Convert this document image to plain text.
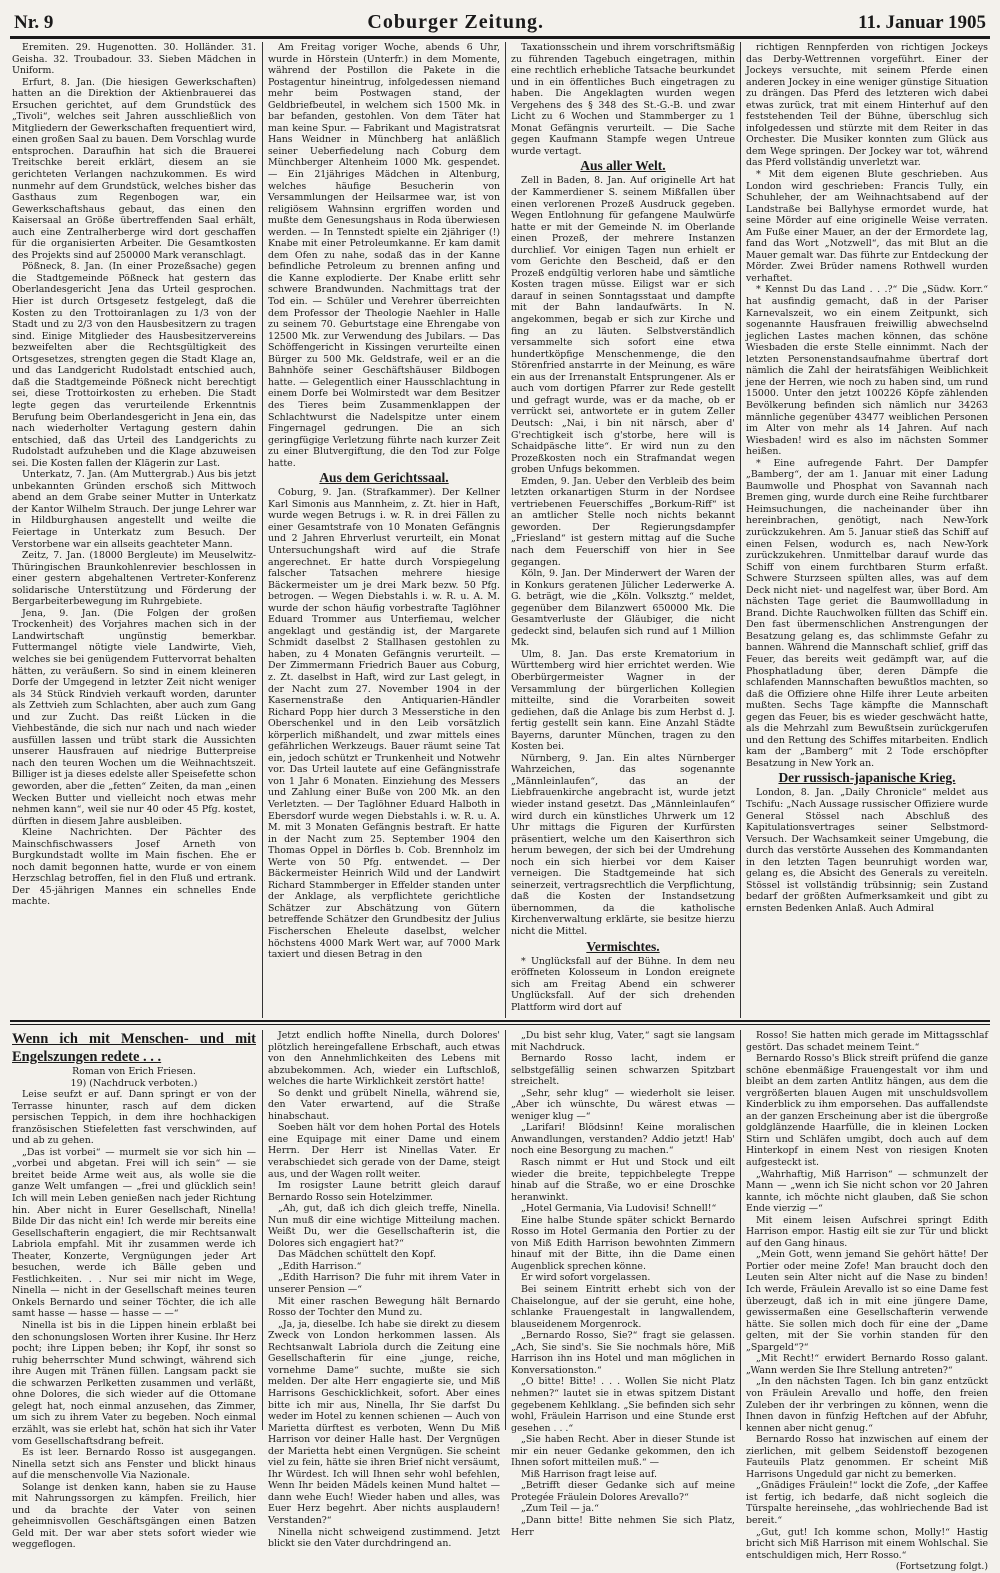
Nr. 9	Coburger Zeitung.	11. Januar 1905

Eremiten. 29. Hugenotten. 30. Holländer. 31. Geisha. 32. Troubadour. 33. Sieben Mädchen in Uniform.

Erfurt, 8. Jan. (Die hiesigen Gewerkschaften) hatten an die Direktion der Aktienbrauerei das Ersuchen gerichtet, auf dem Grundstück des „Tivoli“, welches seit Jahren ausschließlich von Mitgliedern der Gewerkschaften frequentiert wird, einen großen Saal zu bauen. Dem Vorschlag wurde entsprochen. Daraufhin hat sich die Brauerei Treitschke bereit erklärt, diesem an sie gerichteten Verlangen nachzukommen. Es wird nunmehr auf dem Grundstück, welches bisher das Gasthaus zum Regenbogen war, ein Gewerkschaftshaus gebaut, das einen den Kaisersaal an Größe übertreffenden Saal erhält, auch eine Zentralherberge wird dort geschaffen für die organisierten Arbeiter. Die Gesamtkosten des Projekts sind auf 250000 Mark veranschlagt.

Pößneck, 8. Jan. (In einer Prozeßsache) gegen die Stadtgemeinde Pößneck hat gestern das Oberlandesgericht Jena das Urteil gesprochen. Hier ist durch Ortsgesetz festgelegt, daß die Kosten zu den Trottoiranlagen zu 1/3 von der Stadt und zu 2/3 von den Hausbesitzern zu tragen sind. Einige Mitglieder des Hausbesitzervereins bezweifelten aber die Rechtsgültigkeit des Ortsgesetzes, strengten gegen die Stadt Klage an, und das Landgericht Rudolstadt entschied auch, daß die Stadtgemeinde Pößneck nicht berechtigt sei, diese Trottoirkosten zu erheben. Die Stadt legte gegen das verurteilende Erkenntnis Berufung beim Oberlandesgericht in Jena ein, das nach wiederholter Vertagung gestern dahin entschied, daß das Urteil des Landgerichts zu Rudolstadt aufzuheben und die Klage abzuweisen sei. Die Kosten fallen der Klägerin zur Last.

Unterkatz, 7. Jan. (Am Muttergrab.) Aus bis jetzt unbekannten Gründen erschoß sich Mittwoch abend an dem Grabe seiner Mutter in Unterkatz der Kantor Wilhelm Strauch. Der junge Lehrer war in Hildburghausen angestellt und weilte die Feiertage in Unterkatz zum Besuch. Der Verstorbene war ein allseits geachteter Mann.

Zeitz, 7. Jan. (18000 Bergleute) im Meuselwitz-Thüringischen Braunkohlenrevier beschlossen in einer gestern abgehaltenen Vertreter-Konferenz solidarische Unterstützung und Förderung der Bergarbeiterbewegung im Ruhrgebiete.

Jena, 9. Jan. (Die Folgen der großen Trockenheit) des Vorjahres machen sich in der Landwirtschaft ungünstig bemerkbar. Futtermangel nötigte viele Landwirte, Vieh, welches sie bei genügendem Futtervorrat behalten hätten, zu veräußern. So sind in einem kleineren Dorfe der Umgegend in letzter Zeit nicht weniger als 34 Stück Rindvieh verkauft worden, darunter als Zettvieh zum Schlachten, aber auch zum Gang und zur Zucht. Das reißt Lücken in die Viehbestände, die sich nur nach und nach wieder ausfüllen lassen und trübt stark die Aussichten unserer Hausfrauen auf niedrige Butterpreise nach den teuren Wochen um die Weihnachtszeit. Billiger ist ja dieses edelste aller Speisefette schon geworden, aber die „fetten“ Zeiten, da man „einen Wecken Butter und vielleicht noch etwas mehr nehmen kann“, weil sie nur 40 oder 45 Pfg. kostet, dürften in diesem Jahre ausbleiben.

Kleine Nachrichten. Der Pächter des Mainschfischwassers Josef Arneth von Burgkundstadt wollte im Main fischen. Ehe er noch damit begonnen hatte, wurde er von einem Herzschlag betroffen, fiel in den Fluß und ertrank. Der 45-jährigen Mannes ein schnelles Ende machte.

Am Freitag voriger Woche, abends 6 Uhr, wurde in Hörstein (Unterfr.) in dem Momente, während der Postillon die Pakete in die Postagentur hineintrug, infolgedessen niemand mehr beim Postwagen stand, der Geldbriefbeutel, in welchem sich 1500 Mk. in bar befanden, gestohlen. Von dem Täter hat man keine Spur. — Fabrikant und Magistratsrat Hans Weidner in Münchberg hat anläßlich seiner Ueberfiedelung nach Coburg dem Münchberger Altenheim 1000 Mk. gespendet. — Ein 21jähriges Mädchen in Altenburg, welches häufige Besucherin von Versammlungen der Heilsarmee war, ist von religiösem Wahnsinn ergriffen worden und mußte dem Genesungshaus in Roda überwiesen werden. — In Tennstedt spielte ein 2jähriger (!) Knabe mit einer Petroleumkanne. Er kam damit dem Ofen zu nahe, sodaß das in der Kanne befindliche Petroleum zu brennen anfing und die Kanne explodierte. Der Knabe erlitt sehr schwere Brandwunden. Nachmittags trat der Tod ein. — Schüler und Verehrer überreichten dem Professor der Theologie Naehler in Halle zu seinem 70. Geburtstage eine Ehrengabe von 12500 Mk. zur Verwendung des Jubilars. — Das Schöffengericht in Kissingen verurteilte einen Bürger zu 500 Mk. Geldstrafe, weil er an die Bahnhöfe seiner Geschäftshäuser Bildbogen hatte. — Gelegentlich einer Hausschlachtung in einem Dorfe bei Wolmirstedt war dem Besitzer des Tieres beim Zusammenklappen der Schlachtwurst die Nadelspitze unter einem Fingernagel gedrungen. Die an sich geringfügige Verletzung führte nach kurzer Zeit zu einer Blutvergiftung, die den Tod zur Folge hatte.

Aus dem Gerichtssaal.

Coburg, 9. Jan. (Strafkammer). Der Kellner Karl Simonis aus Mannheim, z. Zt. hier in Haft, wurde wegen Betrugs i. w. R. in drei Fällen zu einer Gesamtstrafe von 10 Monaten Gefängnis und 2 Jahren Ehrverlust verurteilt, ein Monat Untersuchungshaft wird auf die Strafe angerechnet. Er hatte durch Vorspiegelung falscher Tatsachen mehrere hiesige Bäckermeister um je drei Mark bezw. 50 Pfg. betrogen. — Wegen Diebstahls i. w. R. u. A. M. wurde der schon häufig vorbestrafte Taglöhner Eduard Trommer aus Unterfiemau, welcher angeklagt und geständig ist, der Margarete Schmidt daselbst 2 Stallhasen gestohlen zu haben, zu 4 Monaten Gefängnis verurteilt. — Der Zimmermann Friedrich Bauer aus Coburg, z. Zt. daselbst in Haft, wird zur Last gelegt, in der Nacht zum 27. November 1904 in der Kasernenstraße den Antiquarien-Händler Richard Popp hier durch 3 Messerstiche in den Oberschenkel und in den Leib vorsätzlich körperlich mißhandelt, und zwar mittels eines gefährlichen Werkzeugs. Bauer räumt seine Tat ein, jedoch schützt er Trunkenheit und Notwehr vor. Das Urteil lautete auf eine Gefängnisstrafe von 1 Jahr 6 Monaten. Einziehung des Messers und Zahlung einer Buße von 200 Mk. an den Verletzten. — Der Taglöhner Eduard Halboth in Ebersdorf wurde wegen Diebstahls i. w. R. u. A. M. mit 3 Monaten Gefängnis bestraft. Er hatte in der Nacht zum 25. September 1904 den Thomas Oppel in Dörfles b. Cob. Brennholz im Werte von 50 Pfg. entwendet. — Der Bäckermeister Heinrich Wild und der Landwirt Richard Stammberger in Effelder standen unter der Anklage, als verpflichtete gerichtliche Schätzer zur Abschätzung von Gütern betreffende Schätzer den Grundbesitz der Julius Fischerschen Eheleute daselbst, welcher höchstens 4000 Mark Wert war, auf 7000 Mark taxiert und diesen Betrag in den

Taxationsschein und ihrem vorschriftsmäßig zu führenden Tagebuch eingetragen, mithin eine rechtlich erhebliche Tatsache beurkundet und in ein öffentliches Buch eingetragen zu haben. Die Angeklagten wurden wegen Vergehens des § 348 des St.-G.-B. und zwar Licht zu 6 Wochen und Stammberger zu 1 Monat Gefängnis verurteilt. — Die Sache gegen Kaufmann Stampfe wegen Untreue wurde vertagt.

Aus aller Welt.

Zell in Baden, 8. Jan. Auf originelle Art hat der Kammerdiener S. seinem Mißfallen über einen verlorenen Prozeß Ausdruck gegeben. Wegen Entlohnung für gefangene Maulwürfe hatte er mit der Gemeinde N. im Oberlande einen Prozeß, der mehrere Instanzen durchlief. Vor einigen Tagen nun erhielt er vom Gerichte den Bescheid, daß er den Prozeß endgültig verloren habe und sämtliche Kosten tragen müsse. Eiligst war er sich darauf in seinen Sonntagsstaat und dampfte mit der Bahn landaufwärts. In N. angekommen, begab er sich zur Kirche und fing an zu läuten. Selbstverständlich versammelte sich sofort eine etwa hundertköpfige Menschenmenge, die den Störenfried anstarrte in der Meinung, es wäre ein aus der Irrenanstalt Entsprungener. Als er auch vom dortigen Pfarrer zur Rede gestellt und gefragt wurde, was er da mache, ob er verrückt sei, antwortete er in gutem Zeller Deutsch: „Nai, i bin nit närsch, aber d' G'rechtigkeit isch g'storbe, here will is Schaidpäsche litte“. Er wird nun zu den Prozeßkosten noch ein Strafmandat wegen groben Unfugs bekommen.

Emden, 9. Jan. Ueber den Verbleib des beim letzten orkanartigen Sturm in der Nordsee vertriebenen Feuerschiffes „Borkum-Riff“ ist an amtlicher Stelle noch nichts bekannt geworden. Der Regierungsdampfer „Friesland“ ist gestern mittag auf die Suche nach dem Feuerschiff von hier in See gegangen.

Köln, 9. Jan. Der Minderwert der Waren der in Konkurs geratenen Jülicher Lederwerke A. G. beträgt, wie die „Köln. Volksztg.“ meldet, gegenüber dem Bilanzwert 650000 Mk. Die Gesamtverluste der Gläubiger, die nicht gedeckt sind, belaufen sich rund auf 1 Million Mk.

Ulm, 8. Jan. Das erste Krematorium in Württemberg wird hier errichtet werden. Wie Oberbürgermeister Wagner in der Versammlung der bürgerlichen Kollegien mitteilte, sind die Vorarbeiten soweit gediehen, daß die Anlage bis zum Herbst d. J. fertig gestellt sein kann. Eine Anzahl Städte Bayerns, darunter München, tragen zu den Kosten bei.

Nürnberg, 9. Jan. Ein altes Nürnberger Wahrzeichen, das sogenannte „Männleinlaufen“, das an der Liebfrauenkirche angebracht ist, wurde jetzt wieder instand gesetzt. Das „Männleinlaufen“ wird durch ein künstliches Uhrwerk um 12 Uhr mittags die Figuren der Kurfürsten präsentiert, welche um den Kaiserthron sich herum bewegen, der sich bei der Umdrehung noch ein sich hierbei vor dem Kaiser verneigen. Die Stadtgemeinde hat sich seinerzeit, vertragsrechtlich die Verpflichtung, daß die Kosten der Instandsetzung übernommen, da die katholische Kirchenverwaltung erklärte, sie besitze hierzu nicht die Mittel.

Vermischtes.

* Unglücksfall auf der Bühne. In dem neu eröffneten Kolosseum in London ereignete sich am Freitag Abend ein schwerer Unglücksfall. Auf der sich drehenden Plattform wird dort auf

richtigen Rennpferden von richtigen Jockeys das Derby-Wettrennen vorgeführt. Einer der Jockeys versuchte, mit seinem Pferde einen anderen Jockey in eine weniger günstige Situation zu drängen. Das Pferd des letzteren wich dabei etwas zurück, trat mit einem Hinterhuf auf den feststehenden Teil der Bühne, überschlug sich infolgedessen und stürzte mit dem Reiter in das Orchester. Die Musiker konnten zum Glück aus dem Wege springen. Der Jockey war tot, während das Pferd vollständig unverletzt war.

* Mit dem eigenen Blute geschrieben. Aus London wird geschrieben: Francis Tully, ein Schuhleher, der am Weihnachtsabend auf der Landstraße bei Ballyhyse ermordet wurde, hat seine Mörder auf eine originelle Weise verraten. Am Fuße einer Mauer, an der der Ermordete lag, fand das Wort „Notzwell“, das mit Blut an die Mauer gemalt war. Das führte zur Entdeckung der Mörder. Zwei Brüder namens Rothwell wurden verhaftet.

* Kennst Du das Land . . .?“ Die „Südw. Korr.“ hat ausfindig gemacht, daß in der Pariser Karnevalszeit, wo ein einem Zeitpunkt, sich sogenannte Hausfrauen freiwillig abwechselnd jeglichen Lastes machen können, das schöne Wiesbaden die erste Stelle einnimmt. Nach der letzten Personenstandsaufnahme übertraf dort nämlich die Zahl der heiratsfähigen Weiblichkeit jene der Herren, wie noch zu haben sind, um rund 15000. Unter den jetzt 100226 Köpfe zählenden Bevölkerung befinden sich nämlich nur 34263 männliche gegenüber 43477 weiblichen Personen im Alter von mehr als 14 Jahren. Auf nach Wiesbaden! wird es also im nächsten Sommer heißen.

* Eine aufregende Fahrt. Der Dampfer „Bamberg“, der am 1. Januar mit einer Ladung Baumwolle und Phosphat von Savannah nach Bremen ging, wurde durch eine Reihe furchtbarer Heimsuchungen, die nacheinander über ihn hereinbrachen, genötigt, nach New-York zurückzukehren. Am 5. Januar stieß das Schiff auf einen Felsen, wodurch es, nach New-York zurückzukehren. Unmittelbar darauf wurde das Schiff von einem furchtbaren Sturm erfaßt. Schwere Sturzseen spülten alles, was auf dem Deck nicht niet- und nagelfest war, über Bord. Am nächsten Tage geriet die Baumwollladung in Brand. Dichte Rauchwolken füllten das Schiff ein. Den fast übermenschlichen Anstrengungen der Besatzung gelang es, das schlimmste Gefahr zu bannen. Während die Mannschaft schlief, griff das Feuer, das bereits weit gedämpft war, auf die Phosphatladung über, deren Dämpfe die schlafenden Mannschaften bewußtlos machten, so daß die Offiziere ohne Hilfe ihrer Leute arbeiten mußten. Sechs Tage kämpfte die Mannschaft gegen das Feuer, bis es wieder geschwächt hatte, als die Mehrzahl zum Bewußtsein zurückgerufen und den Rettung des Schiffes mitarbeiten. Endlich kam der „Bamberg“ mit 2 Tode erschöpfter Besatzung in New York an.

Der russisch-japanische Krieg.

London, 8. Jan. „Daily Chronicle“ meldet aus Tschifu: „Nach Aussage russischer Offiziere wurde General Stössel nach Abschluß des Kapitulationsvertrages seiner Selbstmord-Versuch. Der Wachsamkeit seiner Umgebung, die durch das verstörte Aussehen des Kommandanten in den letzten Tagen beunruhigt worden war, gelang es, die Absicht des Generals zu vereiteln. Stössel ist vollständig trübsinnig; sein Zustand bedarf der größten Aufmerksamkeit und gibt zu ernsten Bedenken Anlaß. Auch Admiral

Wenn ich mit Menschen- und mit Engelszungen redete . . .

Roman von Erich Friesen.

19) (Nachdruck verboten.)

Leise seufzt er auf. Dann springt er von der Terrasse hinunter, rasch auf dem dicken persischen Teppich, in dem ihre hochhackigen französischen Stiefeletten fast verschwinden, auf und ab zu gehen.

„Das ist vorbei“ — murmelt sie vor sich hin — „vorbei und abgetan. Frei will ich sein“ — sie breitet beide Arme weit aus, als wolle sie die ganze Welt umfangen — „frei und glücklich sein! Ich will mein Leben genießen nach jeder Richtung hin. Aber nicht in Eurer Gesellschaft, Ninella! Bilde Dir das nicht ein! Ich werde mir bereits eine Gesellschafterin engagiert, die mir Rechtsanwalt Labriola empfahl. Mit ihr zusammen werde ich Theater, Konzerte, Vergnügungen jeder Art besuchen, werde ich Bälle geben und Festlichkeiten. . . Nur sei mir nicht im Wege, Ninella — nicht in der Gesellschaft meines teuren Onkels Bernardo und seiner Töchter, die ich alle samt hasse — hasse — hasse — —“

Ninella ist bis in die Lippen hinein erblaßt bei den schonungslosen Worten ihrer Kusine. Ihr Herz pocht; ihre Lippen beben; ihr Kopf, ihr sonst so ruhig beherrschter Mund schwingt, während sich ihre Augen mit Tränen füllen. Langsam packt sie die schwarzen Perlketten zusammen und verläßt, ohne Dolores, die sich wieder auf die Ottomane gelegt hat, noch einmal anzusehen, das Zimmer, um sich zu ihrem Vater zu begeben. Noch einmal erzählt, was sie erlebt hat, schön hat sich ihr Vater vom Gesellschaftsdrang befreit.

Es ist leer. Bernardo Rosso ist ausgegangen. Ninella setzt sich ans Fenster und blickt hinaus auf die menschenvolle Via Nazionale.

Solange ist denken kann, haben sie zu Hause mit Nahrungssorgen zu kämpfen. Freilich, hier und da brachte der Vater von seinen geheimnisvollen Geschäftsgängen einen Batzen Geld mit. Der war aber stets sofort wieder wie weggeflogen.

Jetzt endlich hoffte Ninella, durch Dolores' plötzlich hereingefallene Erbschaft, auch etwas von den Annehmlichkeiten des Lebens mit abzubekommen. Ach, wieder ein Luftschloß, welches die harte Wirklichkeit zerstört hatte!

So denkt und grübelt Ninella, während sie, den Vater erwartend, auf die Straße hinabschaut.

Soeben hält vor dem hohen Portal des Hotels eine Equipage mit einer Dame und einem Herrn. Der Herr ist Ninellas Vater. Er verabschiedet sich gerade von der Dame, steigt aus, und der Wagen rollt weiter.

Im rosigster Laune betritt gleich darauf Bernardo Rosso sein Hotelzimmer.

„Ah, gut, daß ich dich gleich treffe, Ninella. Nun muß dir eine wichtige Mitteilung machen. Weißt Du, wer die Gesellschafterin ist, die Dolores sich engagiert hat?“

Das Mädchen schüttelt den Kopf.

„Edith Harrison.“

„Edith Harrison? Die fuhr mit ihrem Vater in unserer Pension —“

Mit einer raschen Bewegung hält Bernardo Rosso der Tochter den Mund zu.

„Ja, ja, dieselbe. Ich habe sie direkt zu diesem Zweck von London herkommen lassen. Als Rechtsanwalt Labriola durch die Zeitung eine Gesellschafterin für eine „junge, reiche, vornehme Dame“ suchte, mußte sie sich melden. Der alte Herr engagierte sie, und Miß Harrisons Geschicklichkeit, sofort. Aber eines bitte ich mir aus, Ninella, Ihr Sie darfst Du weder im Hotel zu kennen schienen — Auch von Marietta dürftest es verboten, Wenn Du Miß Harrison vor deiner Halle hast. Der Vergnügen der Marietta hebt einen Vergnügen. Sie scheint viel zu fein, hätte sie ihren Brief nicht versäumt, Ihr Würdest. Ich will Ihnen sehr wohl befehlen, Wenn Ihr beiden Mädels keinen Mund haltet — dann wehe Euch! Wieder haben und alles, was Euer Herz begehrt. Aber nichts ausplaudern! Verstanden?“

Ninella nicht schweigend zustimmend. Jetzt blickt sie den Vater durchdringend an.

„Du bist sehr klug, Vater,“ sagt sie langsam mit Nachdruck.

Bernardo Rosso lacht, indem er selbstgefällig seinen schwarzen Spitzbart streichelt.

„Sehr, sehr klug“ — wiederholt sie leiser. „Aber ich wünschte, Du wärest etwas — weniger klug —“

„Larifari! Blödsinn! Keine moralischen Anwandlungen, verstanden? Addio jetzt! Hab' noch eine Besorgung zu machen.“

Rasch nimmt er Hut und Stock und eilt wieder die breite, teppichbelegte Treppe hinab auf die Straße, wo er eine Droschke heranwinkt.

„Hotel Germania, Via Ludovisi! Schnell!“

Eine halbe Stunde später schickt Bernardo Rosso im Hotel Germania den Portier zu der von Miß Edith Harrison bewohnten Zimmern hinauf mit der Bitte, ihn die Dame einen Augenblick sprechen könne.

Er wird sofort vorgelassen.

Bei seinem Eintritt erhebt sich von der Chaiselongue, auf der sie geruht, eine hohe, schlanke Frauengestalt in langwallendem, blauseidenem Morgenrock.

„Bernardo Rosso, Sie?“ fragt sie gelassen. „Ach, Sie sind's. Sie Sie nochmals höre, Miß Harrison ihn ins Hotel und man möglichen in Konversationston.“

„O bitte! Bitte! . . . Wollen Sie nicht Platz nehmen?“ lautet sie in etwas spitzem Distant gegebenem Kehlklang. „Sie befinden sich sehr wohl, Fräulein Harrison und eine Stunde erst gesehen . . .“

„Sie haben Recht. Aber in dieser Stunde ist mir ein neuer Gedanke gekommen, den ich Ihnen sofort mitteilen muß.“ —

Miß Harrison fragt leise auf.

„Betrifft dieser Gedanke sich auf meine Protegée Fräulein Dolores Arevallo?“

„Zum Teil — ja.“

„Dann bitte! Bitte nehmen Sie sich Platz, Herr

Rosso! Sie hatten mich gerade im Mittagsschlaf gestört. Das schadet meinem Teint.“

Bernardo Rosso's Blick streift prüfend die ganze schöne ebenmäßige Frauengestalt vor ihm und bleibt an dem zarten Antlitz hängen, aus dem die vergrößerten blauen Augen mit unschuldsvollem Kinderblick zu ihm emporsehen. Das auffallendste an der ganzen Erscheinung aber ist die übergroße goldglänzende Haarfülle, die in kleinen Locken Stirn und Schläfen umgibt, doch auch auf dem Hinterkopf in einem Nest von riesigen Knoten aufgesteckt ist.

„Wahrhaftig, Miß Harrison“ — schmunzelt der Mann — „wenn ich Sie nicht schon vor 20 Jahren kannte, ich möchte nicht glauben, daß Sie schon Ende vierzig —“

Mit einem leisen Aufschrei springt Edith Harrison empor. Hastig eilt sie zur Tür und blickt auf den Gang hinaus.

„Mein Gott, wenn jemand Sie gehört hätte! Der Portier oder meine Zofe! Man braucht doch den Leuten sein Alter nicht auf die Nase zu binden! Ich werde, Fräulein Arevallo ist so eine Dame fest überzeugt, daß ich in mit eine jüngere Dame, gewissermaßen eine Gesellschafterin verwende hätte. Sie sollen mich doch für eine der „Dame gelten, mit der Sie vorhin standen für den „Spargeld“?“

„Mit Recht!“ erwidert Bernardo Rosso galant. „Wann werden Sie Ihre Stellung antreten?“

„In den nächsten Tagen. Ich bin ganz entzückt von Fräulein Arevallo und hoffe, den freien Zuleben der ihr verbringen zu können, wenn die Ihnen davon in fünfzig Heftchen auf der Abfuhr, kennen aber nicht genug.“

Bernardo Rosso hat inzwischen auf einem der zierlichen, mit gelbem Seidenstoff bezogenen Fauteuils Platz genommen. Er scheint Miß Harrisons Ungeduld gar nicht zu bemerken.

„Gnädiges Fräulein!“ lockt die Zofe, „der Kaffee ist fertig, ich bedarfe, daß nicht sogleich die Türspalte hereinsehe, „das wohlriechende Bad ist bereit.“

„Gut, gut! Ich komme schon, Molly!“ Hastig bricht sich Miß Harrison mit einem Wohlschal. Sie entschuldigen mich, Herr Rosso.“

(Fortsetzung folgt.)
